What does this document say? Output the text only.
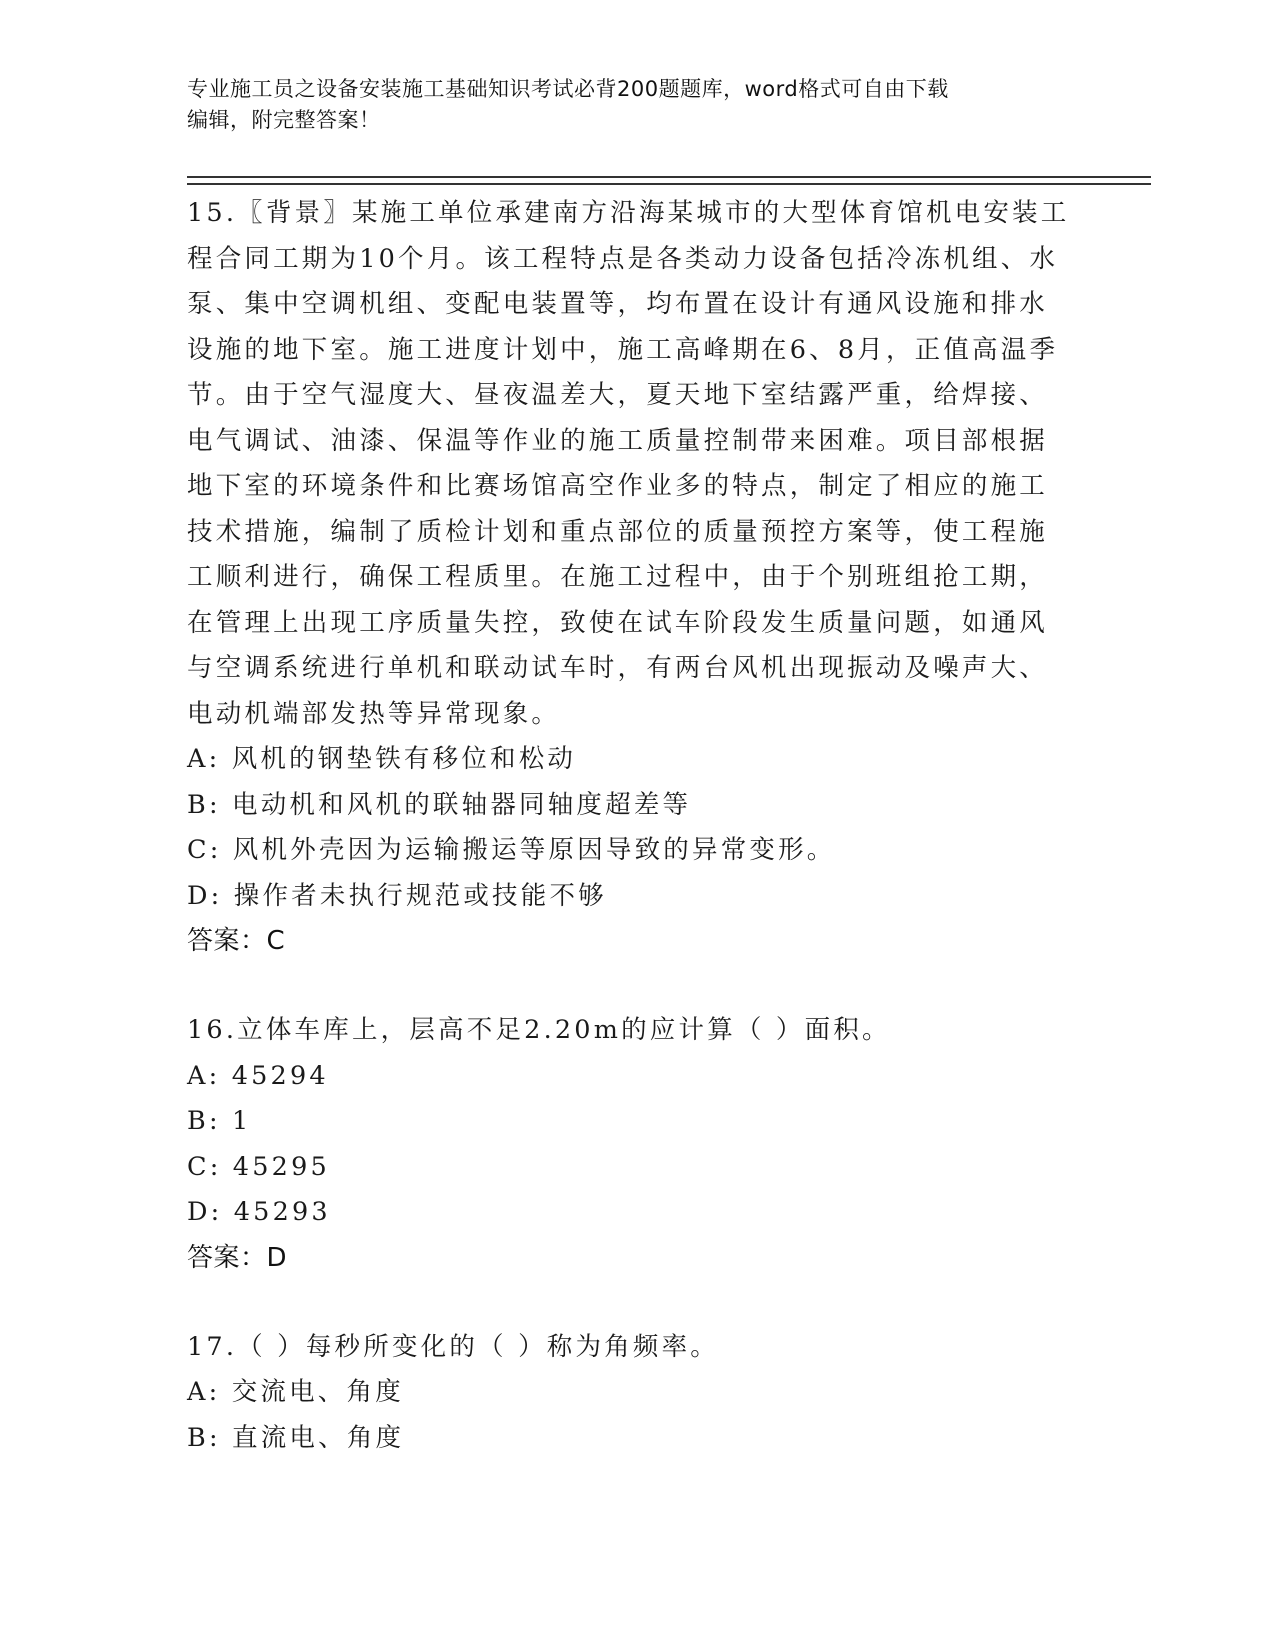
专业施工员之设备安装施工基础知识考试必背200题题库，word格式可自由下载
编辑，附完整答案！
15.〖背景〗某施工单位承建南方沿海某城市的大型体育馆机电安装工
程合同工期为10个月。该工程特点是各类动力设备包括冷冻机组、水
泵、集中空调机组、变配电装置等，均布置在设计有通风设施和排水
设施的地下室。施工进度计划中，施工高峰期在6、8月，正值高温季
节。由于空气湿度大、昼夜温差大，夏天地下室结露严重，给焊接、
电气调试、油漆、保温等作业的施工质量控制带来困难。项目部根据
地下室的环境条件和比赛场馆高空作业多的特点，制定了相应的施工
技术措施，编制了质检计划和重点部位的质量预控方案等，使工程施
工顺利进行，确保工程质里。在施工过程中，由于个别班组抢工期，
在管理上出现工序质量失控，致使在试车阶段发生质量问题，如通风
与空调系统进行单机和联动试车时，有两台风机出现振动及噪声大、
电动机端部发热等异常现象。
A: 风机的钢垫铁有移位和松动
B: 电动机和风机的联轴器同轴度超差等
C: 风机外壳因为运输搬运等原因导致的异常变形。
D: 操作者未执行规范或技能不够
答案：C
16.立体车库上，层高不足2.20m的应计算（ ）面积。
A: 45294
B: 1
C: 45295
D: 45293
答案：D
17.（ ）每秒所变化的（ ）称为角频率。
A: 交流电、角度
B: 直流电、角度
